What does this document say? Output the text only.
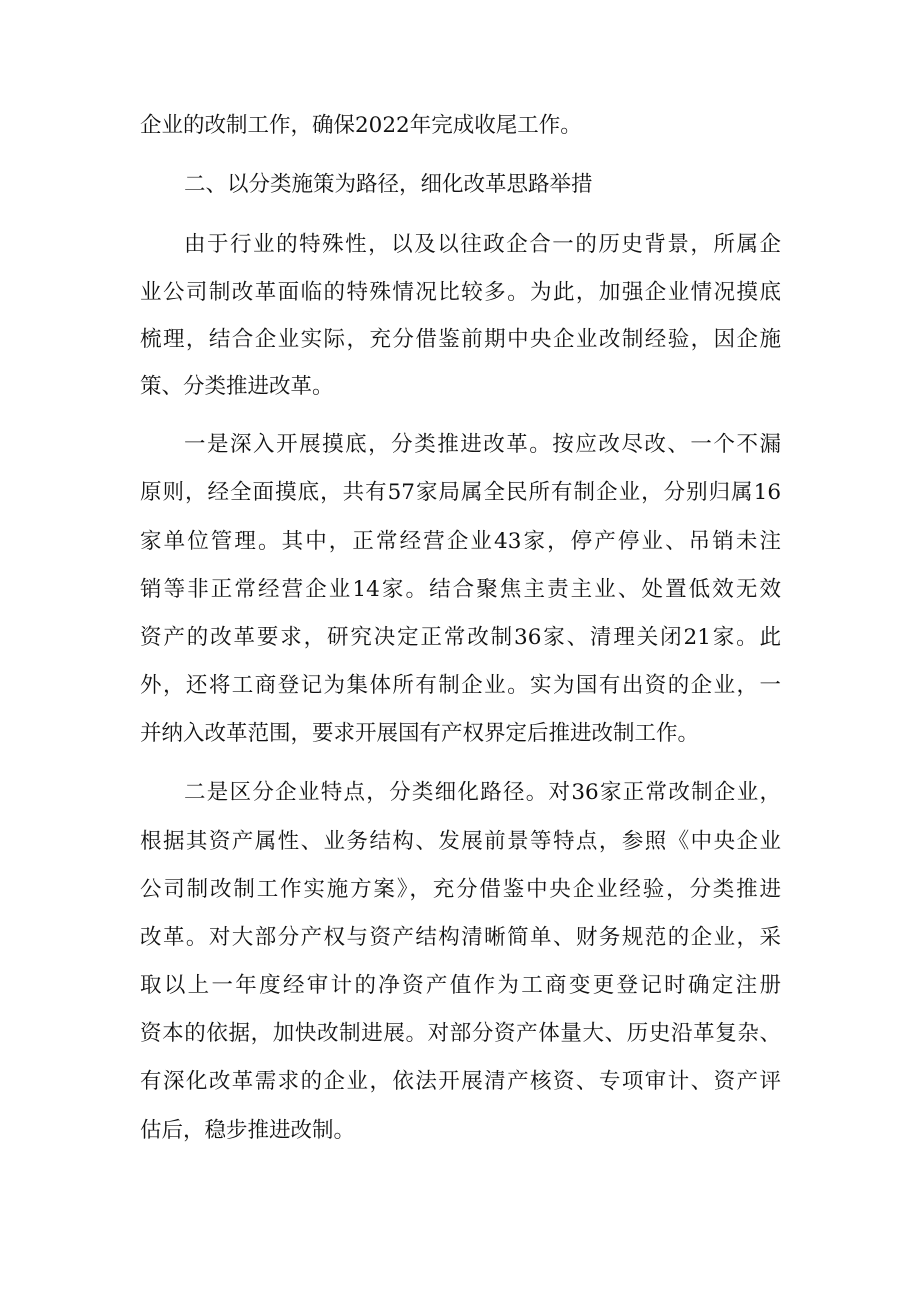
企业的改制工作，确保2022年完成收尾工作。
二、以分类施策为路径，细化改革思路举措
由于行业的特殊性，以及以往政企合一的历史背景，所属企
业公司制改革面临的特殊情况比较多。为此，加强企业情况摸底
梳理，结合企业实际，充分借鉴前期中央企业改制经验，因企施
策、分类推进改革。
一是深入开展摸底，分类推进改革。按应改尽改、一个不漏
原则，经全面摸底，共有57家局属全民所有制企业，分别归属16
家单位管理。其中，正常经营企业43家，停产停业、吊销未注
销等非正常经营企业14家。结合聚焦主责主业、处置低效无效
资产的改革要求，研究决定正常改制36家、清理关闭21家。此
外，还将工商登记为集体所有制企业。实为国有出资的企业，一
并纳入改革范围，要求开展国有产权界定后推进改制工作。
二是区分企业特点，分类细化路径。对36家正常改制企业，
根据其资产属性、业务结构、发展前景等特点，参照《中央企业
公司制改制工作实施方案》，充分借鉴中央企业经验，分类推进
改革。对大部分产权与资产结构清晰简单、财务规范的企业，采
取以上一年度经审计的净资产值作为工商变更登记时确定注册
资本的依据，加快改制进展。对部分资产体量大、历史沿革复杂、
有深化改革需求的企业，依法开展清产核资、专项审计、资产评
估后，稳步推进改制。
